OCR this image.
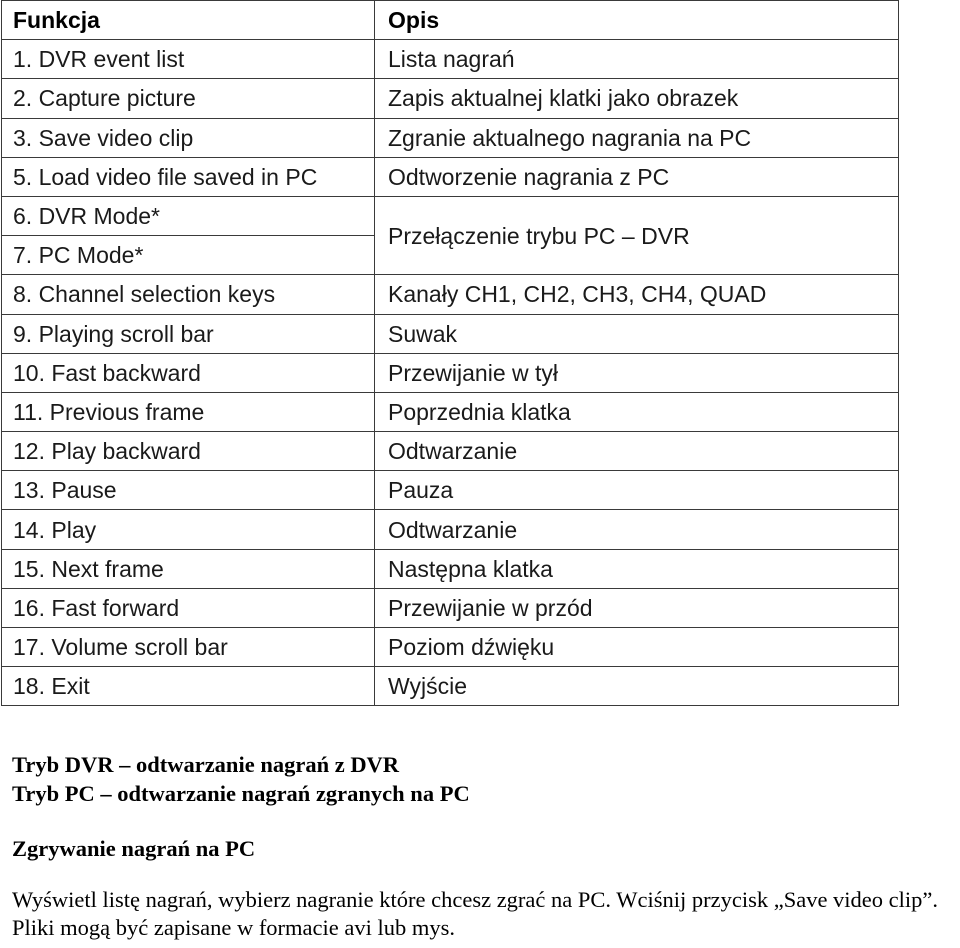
Funkcja	Opis
1. DVR event list	Lista nagrań
2. Capture picture	Zapis aktualnej klatki jako obrazek
3. Save video clip	Zgranie aktualnego nagrania na PC
5. Load video file saved in PC	Odtworzenie nagrania z PC
6. DVR Mode*	Przełączenie trybu PC – DVR
7. PC Mode*	
8. Channel selection keys	Kanały CH1, CH2, CH3, CH4, QUAD
9. Playing scroll bar	Suwak
10. Fast backward	Przewijanie w tył
11. Previous frame	Poprzednia klatka
12. Play backward	Odtwarzanie
13. Pause	Pauza
14. Play	Odtwarzanie
15. Next frame	Następna klatka
16. Fast forward	Przewijanie w przód
17. Volume scroll bar	Poziom dźwięku
18. Exit	Wyjście
Tryb DVR – odtwarzanie nagrań z DVR
Tryb PC – odtwarzanie nagrań zgranych na PC
Zgrywanie nagrań na PC
Wyświetl listę nagrań, wybierz nagranie które chcesz zgrać na PC. Wciśnij przycisk „Save video clip”. Pliki mogą być zapisane w formacie avi lub mys.
